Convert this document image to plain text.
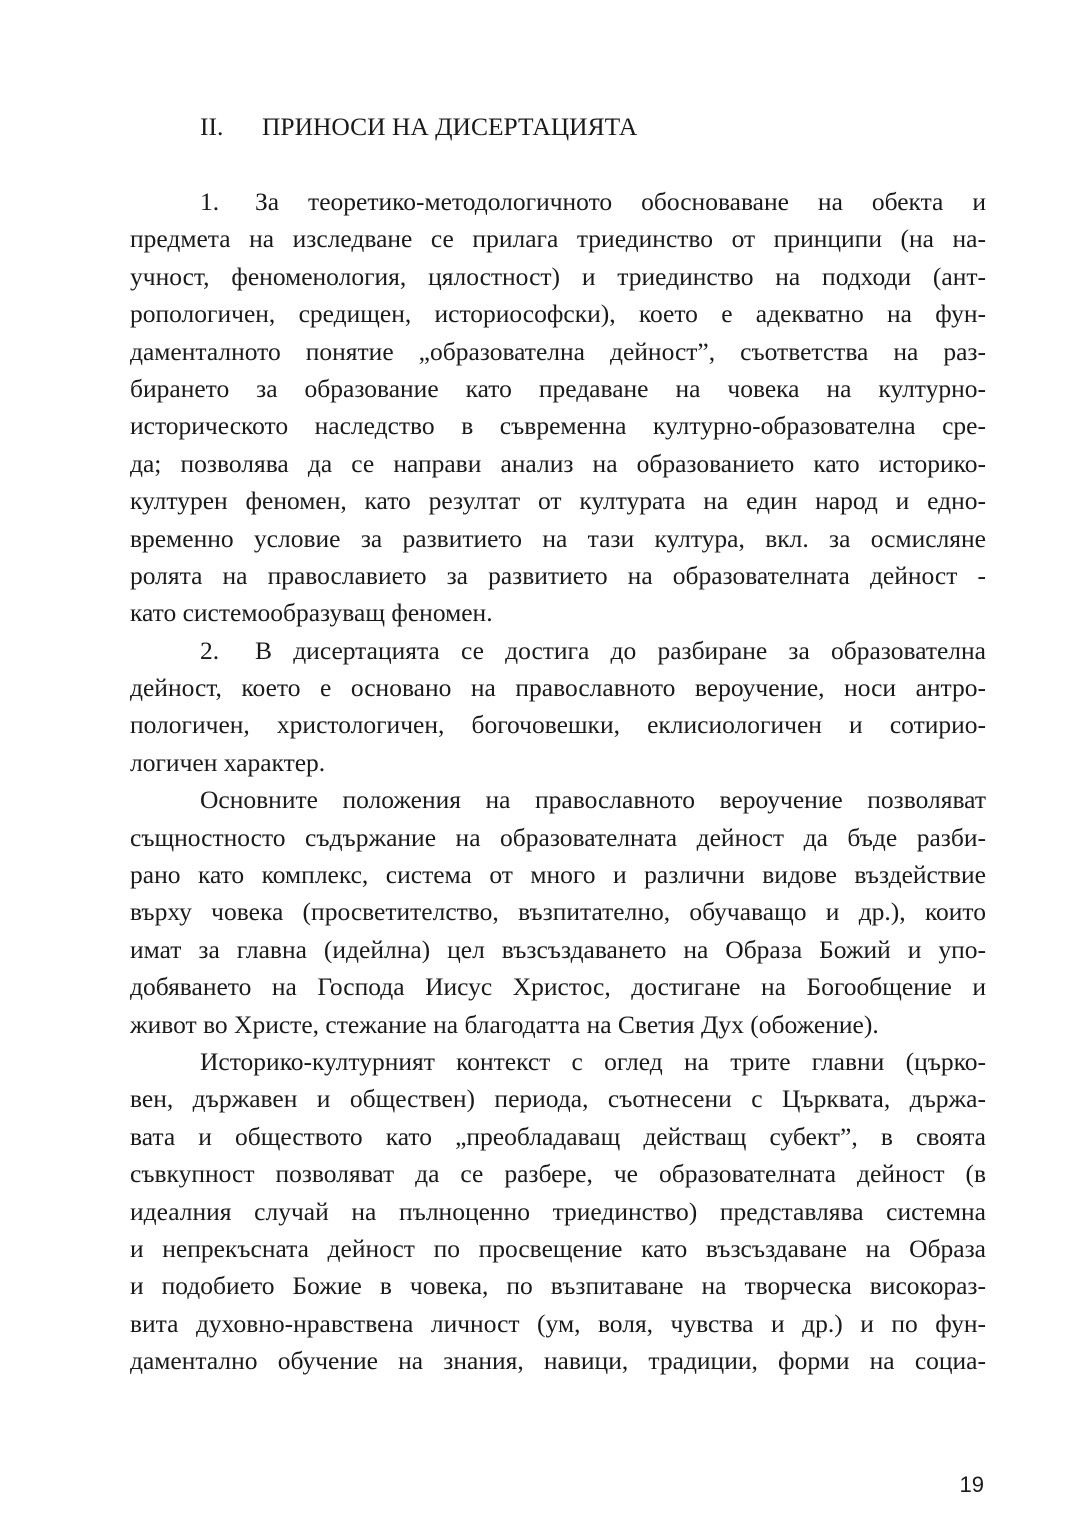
II. ПРИНОСИ НА ДИСЕРТАЦИЯТА
1. За теоретико-методологичното обосноваване на обекта и
предмета на изследване се прилага триединство от принципи (на на-
учност, феноменология, цялостност) и триединство на подходи (ант-
ропологичен, средищен, историософски), което е адекватно на фун-
даменталното понятие „образователна дейност”, съответства на раз-
бирането за образование като предаване на човека на културно-
историческото наследство в съвременна културно-образователна сре-
да; позволява да се направи анализ на образованието като историко-
културен феномен, като резултат от културата на един народ и едно-
временно условие за развитието на тази култура, вкл. за осмисляне
ролята на православието за развитието на образователната дейност -
като системообразуващ феномен.
2. В дисертацията се достига до разбиране за образователна
дейност, което е основано на православното вероучение, носи антро-
пологичен, христологичен, богочовешки, еклисиологичен и сотирио-
логичен характер.
Основните положения на православното вероучение позволяват
същностносто съдържание на образователната дейност да бъде разби-
рано като комплекс, система от много и различни видове въздействие
върху човека (просветителство, възпитателно, обучаващо и др.), които
имат за главна (идейлна) цел възсъздаването на Образа Божий и упо-
добяването на Господа Иисус Христос, достигане на Богообщение и
живот во Христе, стежание на благодатта на Светия Дух (обожение).
Историко-културният контекст с оглед на трите главни (църко-
вен, държавен и обществен) периода, съотнесени с Църквата, държа-
вата и обществото като „преобладаващ действащ субект”, в своята
съвкупност позволяват да се разбере, че образователната дейност (в
идеалния случай на пълноценно триединство) представлява системна
и непрекъсната дейност по просвещение като възсъздаване на Образа
и подобието Божие в човека, по възпитаване на творческа високораз-
вита духовно-нравствена личност (ум, воля, чувства и др.) и по фун-
даментално обучение на знания, навици, традиции, форми на социа-
19
